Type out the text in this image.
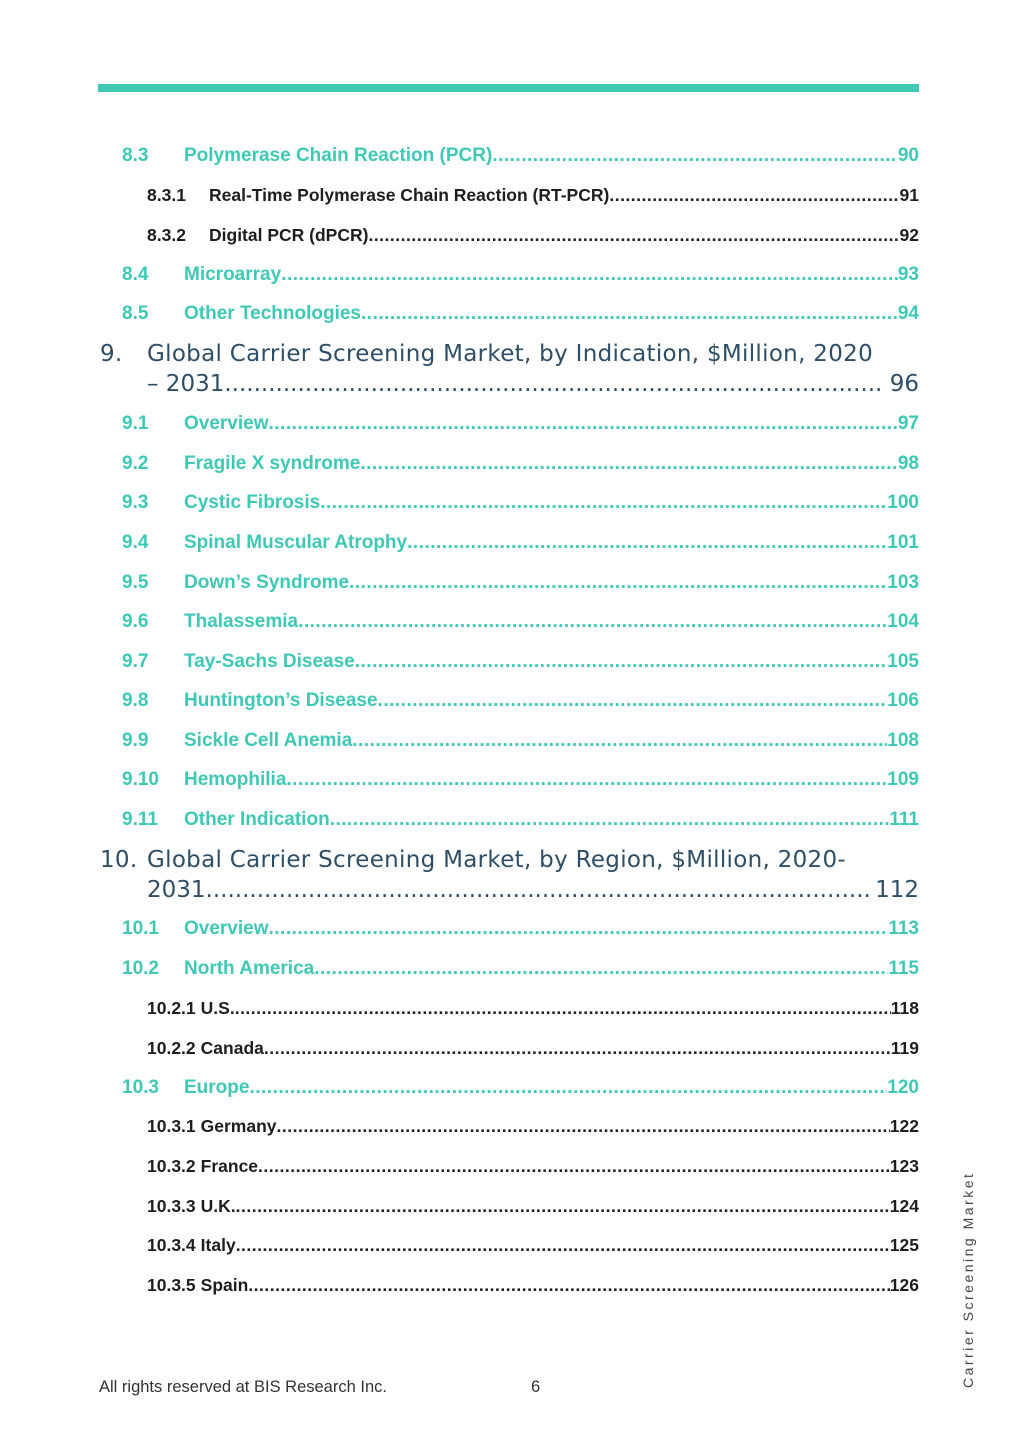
8.3	Polymerase Chain Reaction (PCR) .....	90
8.3.1	Real-Time Polymerase Chain Reaction (RT-PCR) .....	91
8.3.2	Digital PCR (dPCR) .....	92
8.4	Microarray .....	93
8.5	Other Technologies .....	94
9.	Global Carrier Screening Market, by Indication, $Million, 2020
– 2031 .....	96
9.1	Overview .....	97
9.2	Fragile X syndrome .....	98
9.3	Cystic Fibrosis .....	100
9.4	Spinal Muscular Atrophy .....	101
9.5	Down’s Syndrome .....	103
9.6	Thalassemia .....	104
9.7	Tay-Sachs Disease .....	105
9.8	Huntington’s Disease .....	106
9.9	Sickle Cell Anemia .....	108
9.10	Hemophilia .....	109
9.11	Other Indication .....	111
10. Global Carrier Screening Market, by Region, $Million, 2020-
2031 .....	112
10.1	Overview .....	113
10.2	North America .....	115
10.2.1 U.S. .....	118
10.2.2 Canada .....	119
10.3	Europe .....	120
10.3.1 Germany .....	122
10.3.2 France .....	123
10.3.3 U.K. .....	124
10.3.4 Italy .....	125
10.3.5 Spain .....	126
All rights reserved at BIS Research Inc.	6	Carrier Screening Market
